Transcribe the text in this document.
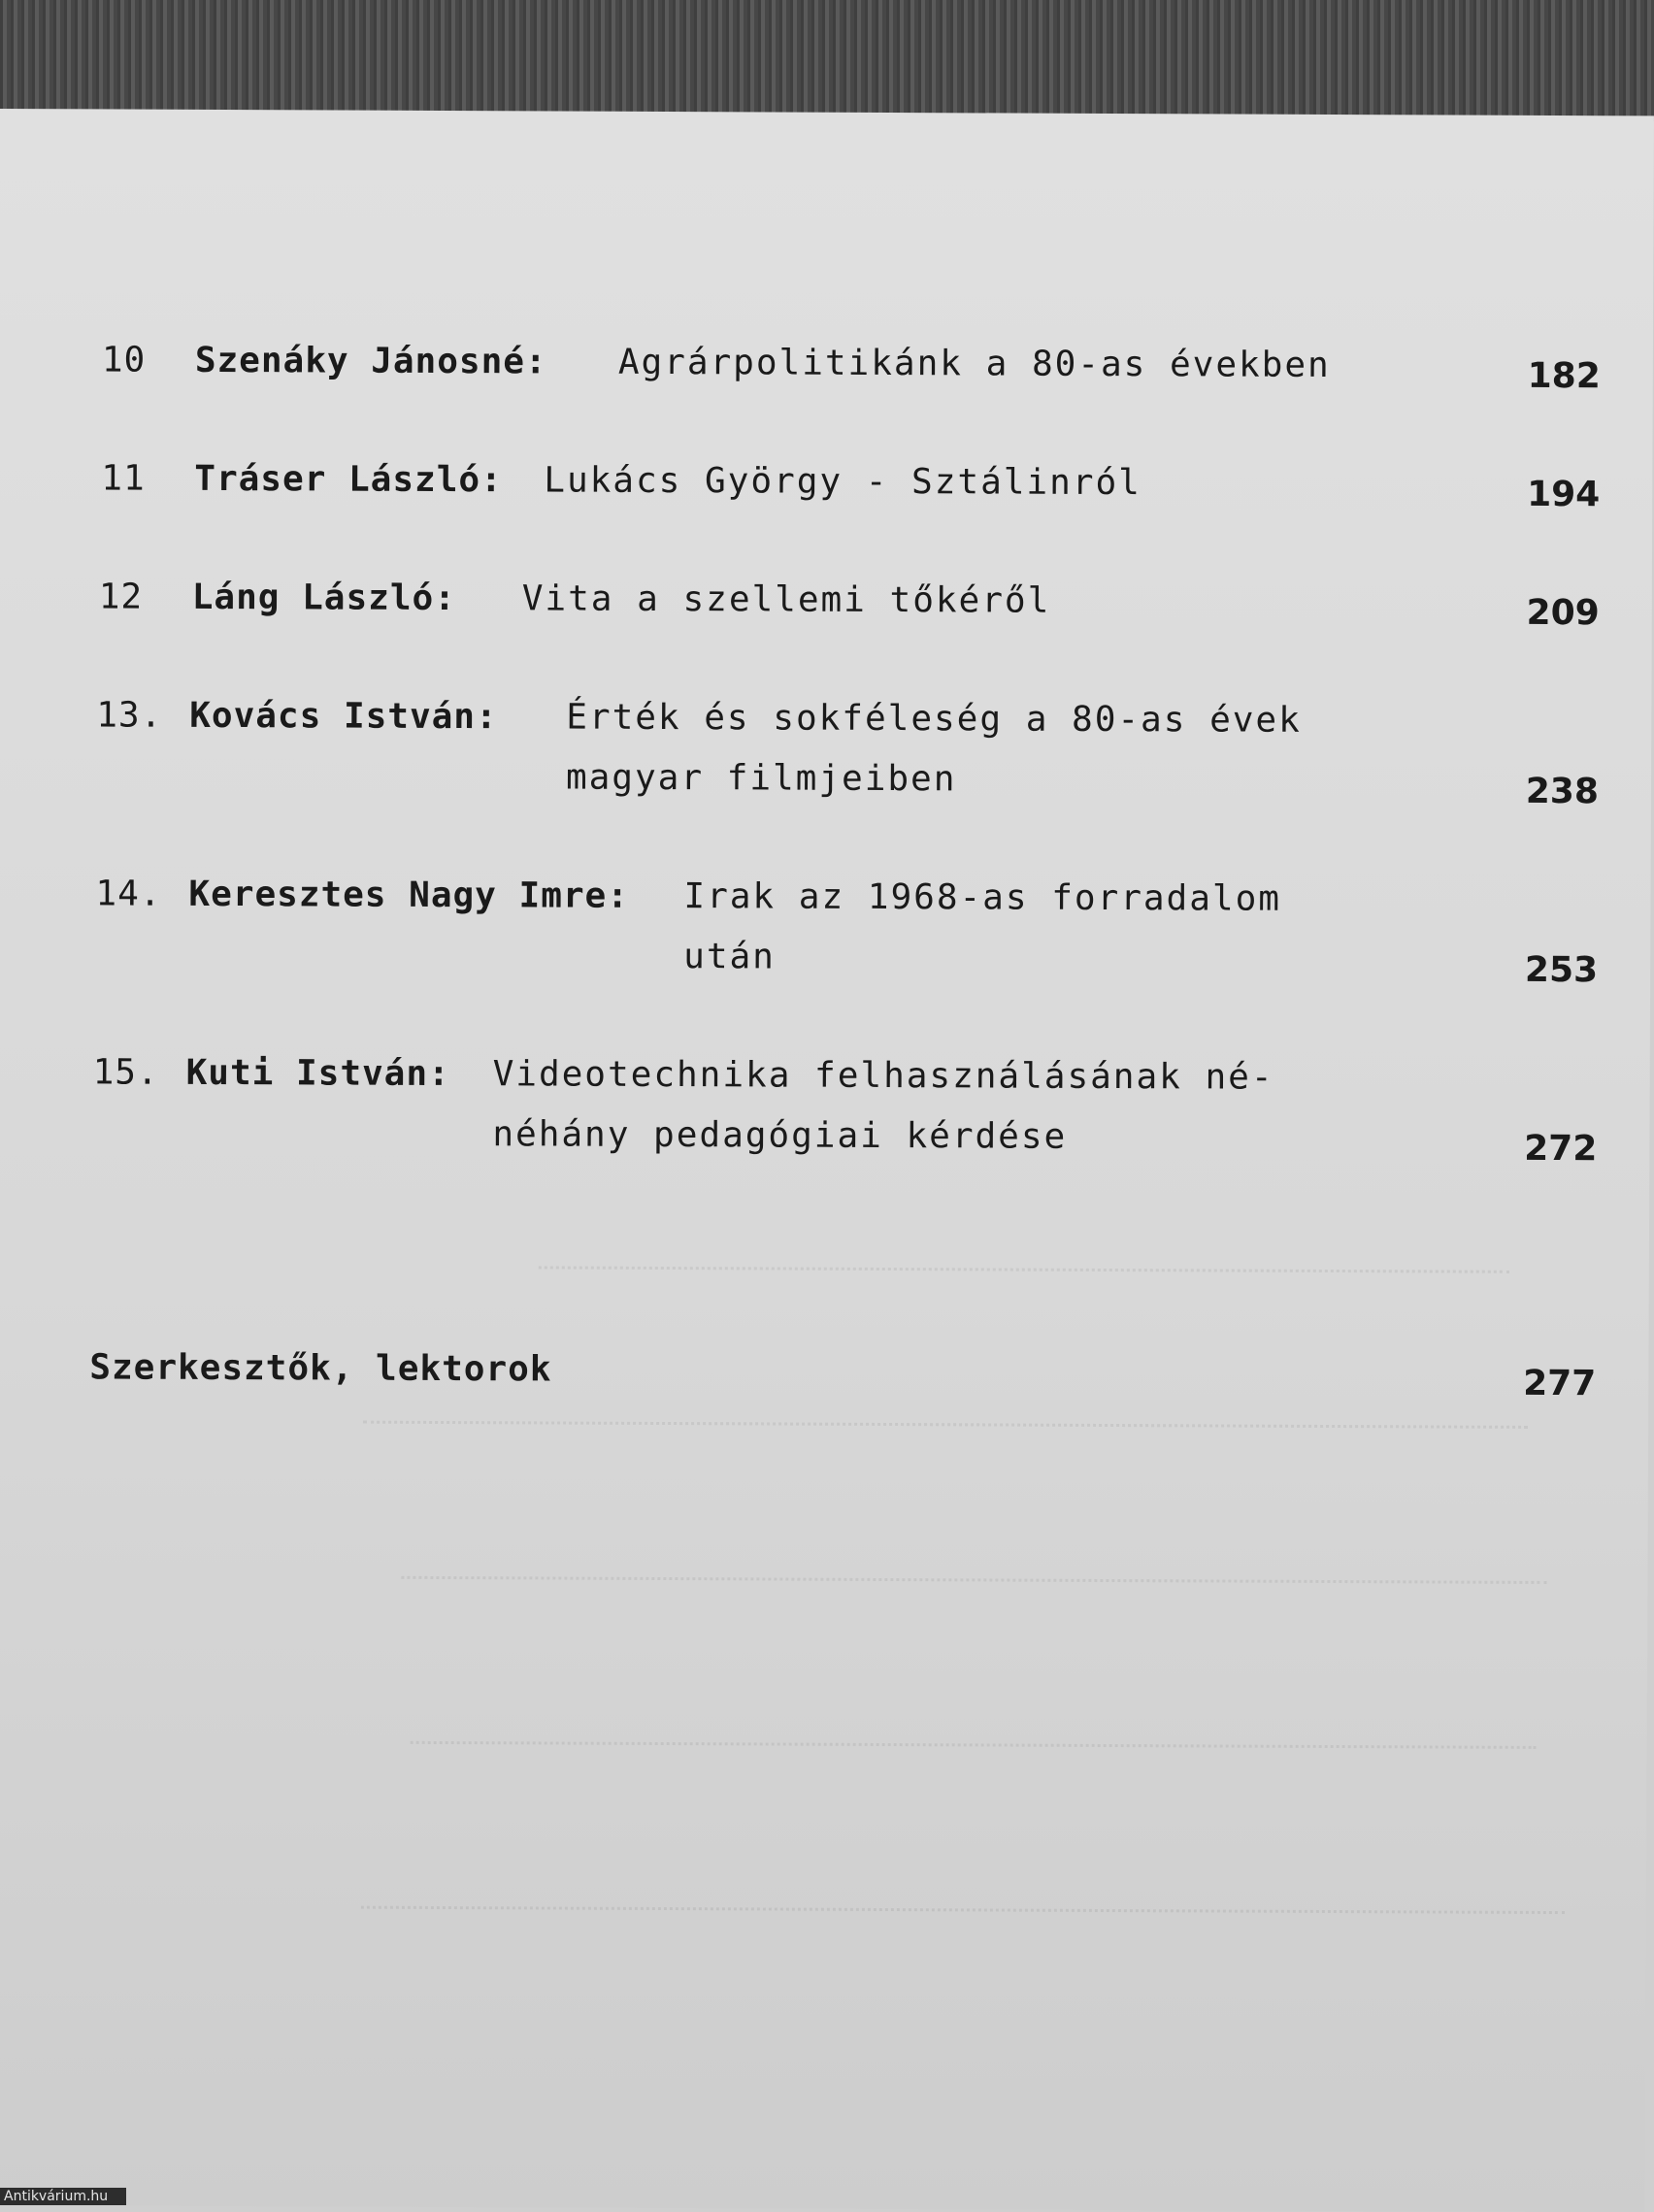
10 Szenáky Jánosné: Agrárpolitikánk a 80-as években	182
11 Tráser László: Lukács György - Sztálinról	194
12 Láng László: Vita a szellemi tőkéről	209
13. Kovács István: Érték és sokféleség a 80-as évek
magyar filmjeiben	238
14. Keresztes Nagy Imre: Irak az 1968-as forradalom
után	253
15. Kuti István: Videotechnika felhasználásának né-
néhány pedagógiai kérdése	272
Szerkesztők, lektorok	277
Antikvárium.hu
